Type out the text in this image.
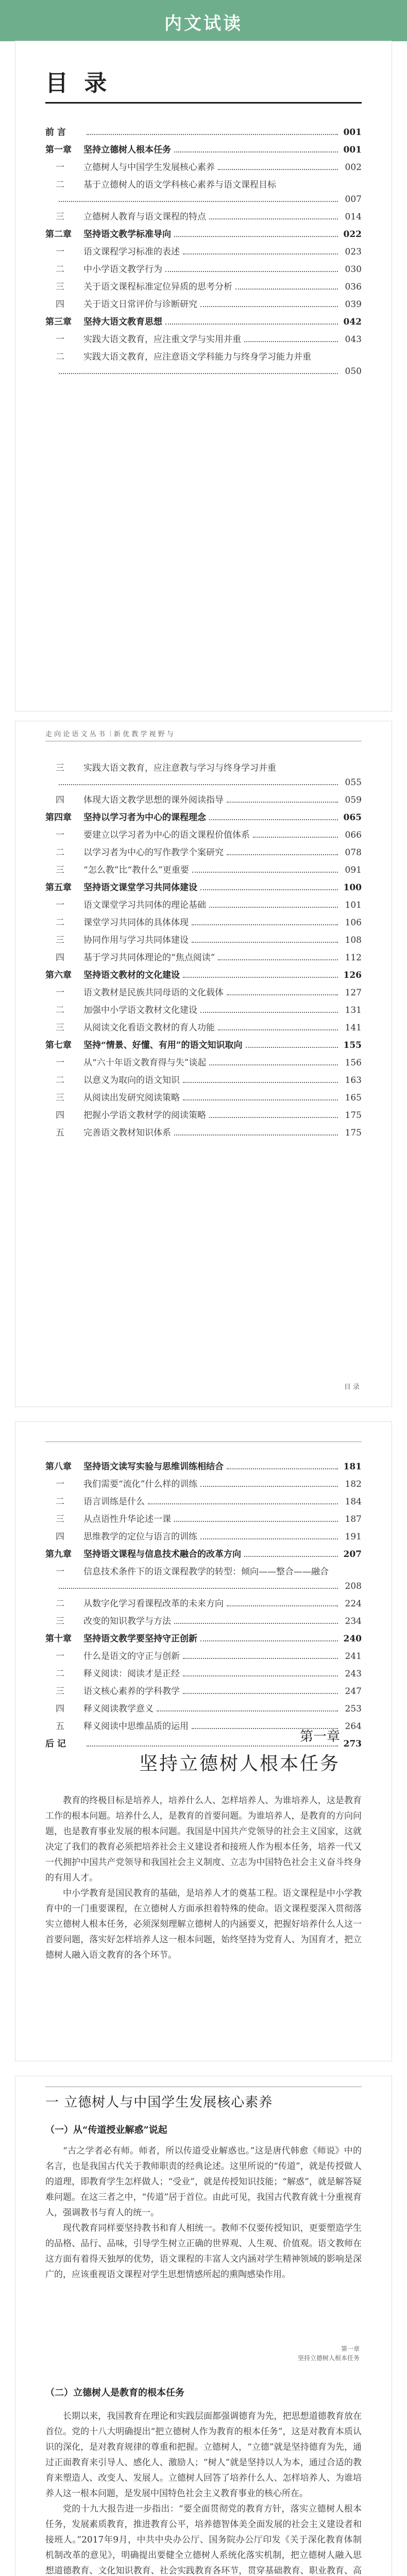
内文试读
目 录
前 言	001
第一章	坚持立德树人根本任务	001
一	立德树人与中国学生发展核心素养	002
二	基于立德树人的语文学科核心素养与语文课程目标
007
三	立德树人教育与语文课程的特点	014
第二章	坚持语文教学标准导向	022
一	语文课程学习标准的表述	023
二	中小学语文教学行为	030
三	关于语文课程标准定位异质的思考分析	036
四	关于语文日常评价与诊断研究	039
第三章	坚持大语文教育思想	042
一	实践大语文教育，应注重文学与实用并重	043
二	实践大语文教育，应注意语文学科能力与终身学习能力并重
050
走 向 论 语 文 丛 书 ｜新 优 教 学 视 野 与
三	实践大语文教育，应注意教与学习与终身学习并重
055
四	体现大语文教学思想的课外阅读指导	059
第四章	坚持以学习者为中心的课程理念	065
一	要建立以学习者为中心的语文课程价值体系	066
二	以学习者为中心的写作教学个案研究	078
三	“怎么教”比“教什么”更重要	091
第五章	坚持语文课堂学习共同体建设	100
一	语文课堂学习共同体的理论基础	101
二	课堂学习共同体的具体体现	106
三	协同作用与学习共同体建设	108
四	基于学习共同体理论的“焦点阅读”	112
第六章	坚持语文教材的文化建设	126
一	语文教材是民族共同母语的文化载体	127
二	加强中小学语文教材文化建设	131
三	从阅读文化看语文教材的育人功能	141
第七章	坚持“情景、好懂、有用”的语文知识取向	155
一	从“六十年语文教育得与失”谈起	156
二	以意义为取向的语文知识	163
三	从阅读出发研究阅读策略	165
四	把握小学语文教材学的阅读策略	175
五	完善语文教材知识体系	175
目 录
第八章	坚持语文读写实验与思维训练相结合	181
一	我们需要“流化”什么样的训练	182
二	语言训练是什么	184
三	从点语性升华论述一课	187
四	思维教学的定位与语言的训练	191
第九章	坚持语文课程与信息技术融合的改革方向	207
一	信息技术条件下的语文课程教学的转型：倾向——整合——融合
208
二	从数字化学习看课程改革的未来方向	224
三	改变的知识教学与方法	234
第十章	坚持语文教学要坚持守正创新	240
一	什么是语文的守正与创新	241
二	释义阅读：阅读才是正经	243
三	语文核心素养的学科教学	247
四	释义阅读教学意义	253
五	释义阅读中思维品质的运用	264
后 记	273
第一章
坚持立德树人根本任务

教育的终极目标是培养人，培养什么人、怎样培养人、为谁培养人，这是教育工作的根本问题。培养什么人，是教育的首要问题。为谁培养人，是教育的方向问题，也是教育事业发展的根本问题。我国是中国共产党领导的社会主义国家，这就决定了我们的教育必须把培养社会主义建设者和接班人作为根本任务，培养一代又一代拥护中国共产党领导和我国社会主义制度、立志为中国特色社会主义奋斗终身的有用人才。

中小学教育是国民教育的基础，是培养人才的奠基工程。语文课程是中小学教育中的一门重要课程，在立德树人方面承担着特殊的使命。语文课程要深入贯彻落实立德树人根本任务，必须深刻理解立德树人的内涵要义，把握好培养什么人这一首要问题，落实好怎样培养人这一根本问题，始终坚持为党育人、为国育才，把立德树人融入语文教育的各个环节。

（二）立德树人是教育的根本任务

长期以来，我国教育在理论和实践层面都强调德育为先，把思想道德教育放在首位。党的十八大明确提出“把立德树人作为教育的根本任务”，这是对教育本质认识的深化，是对教育规律的尊重和把握。立德树人，“立德”就是坚持德育为先，通过正面教育来引导人、感化人、激励人；“树人”就是坚持以人为本，通过合适的教育来塑造人、改变人、发展人。立德树人回答了培养什么人、怎样培养人、为谁培养人这一根本问题，是发展中国特色社会主义教育事业的核心所在。

党的十九大报告进一步指出：“要全面贯彻党的教育方针，落实立德树人根本任务，发展素质教育，推进教育公平，培养德智体美全面发展的社会主义建设者和接班人。”2017年9月，中共中央办公厅、国务院办公厅印发《关于深化教育体制机制改革的意见》，明确提出要健全立德树人系统化落实机制，把立德树人融入思想道德教育、文化知识教育、社会实践教育各环节，贯穿基础教育、职业教育、高

一 立德树人与中国学生发展核心素养
（一）从“传道授业解惑”说起

“古之学者必有师。师者，所以传道受业解惑也。”这是唐代韩愈《师说》中的名言，也是我国古代关于教师职责的经典论述。这里所说的“传道”，就是传授做人的道理，即教育学生怎样做人；“受业”，就是传授知识技能；“解惑”，就是解答疑难问题。在这三者之中，“传道”居于首位。由此可见，我国古代教育就十分重视育人，强调教书与育人的统一。

现代教育同样要坚持教书和育人相统一。教师不仅要传授知识，更要塑造学生的品格、品行、品味，引导学生树立正确的世界观、人生观、价值观。语文教师在这方面有着得天独厚的优势，语文课程的丰富人文内涵对学生精神领域的影响是深广的，应该重视语文课程对学生思想情感所起的熏陶感染作用。

第一章
坚持立德树人根本任务
